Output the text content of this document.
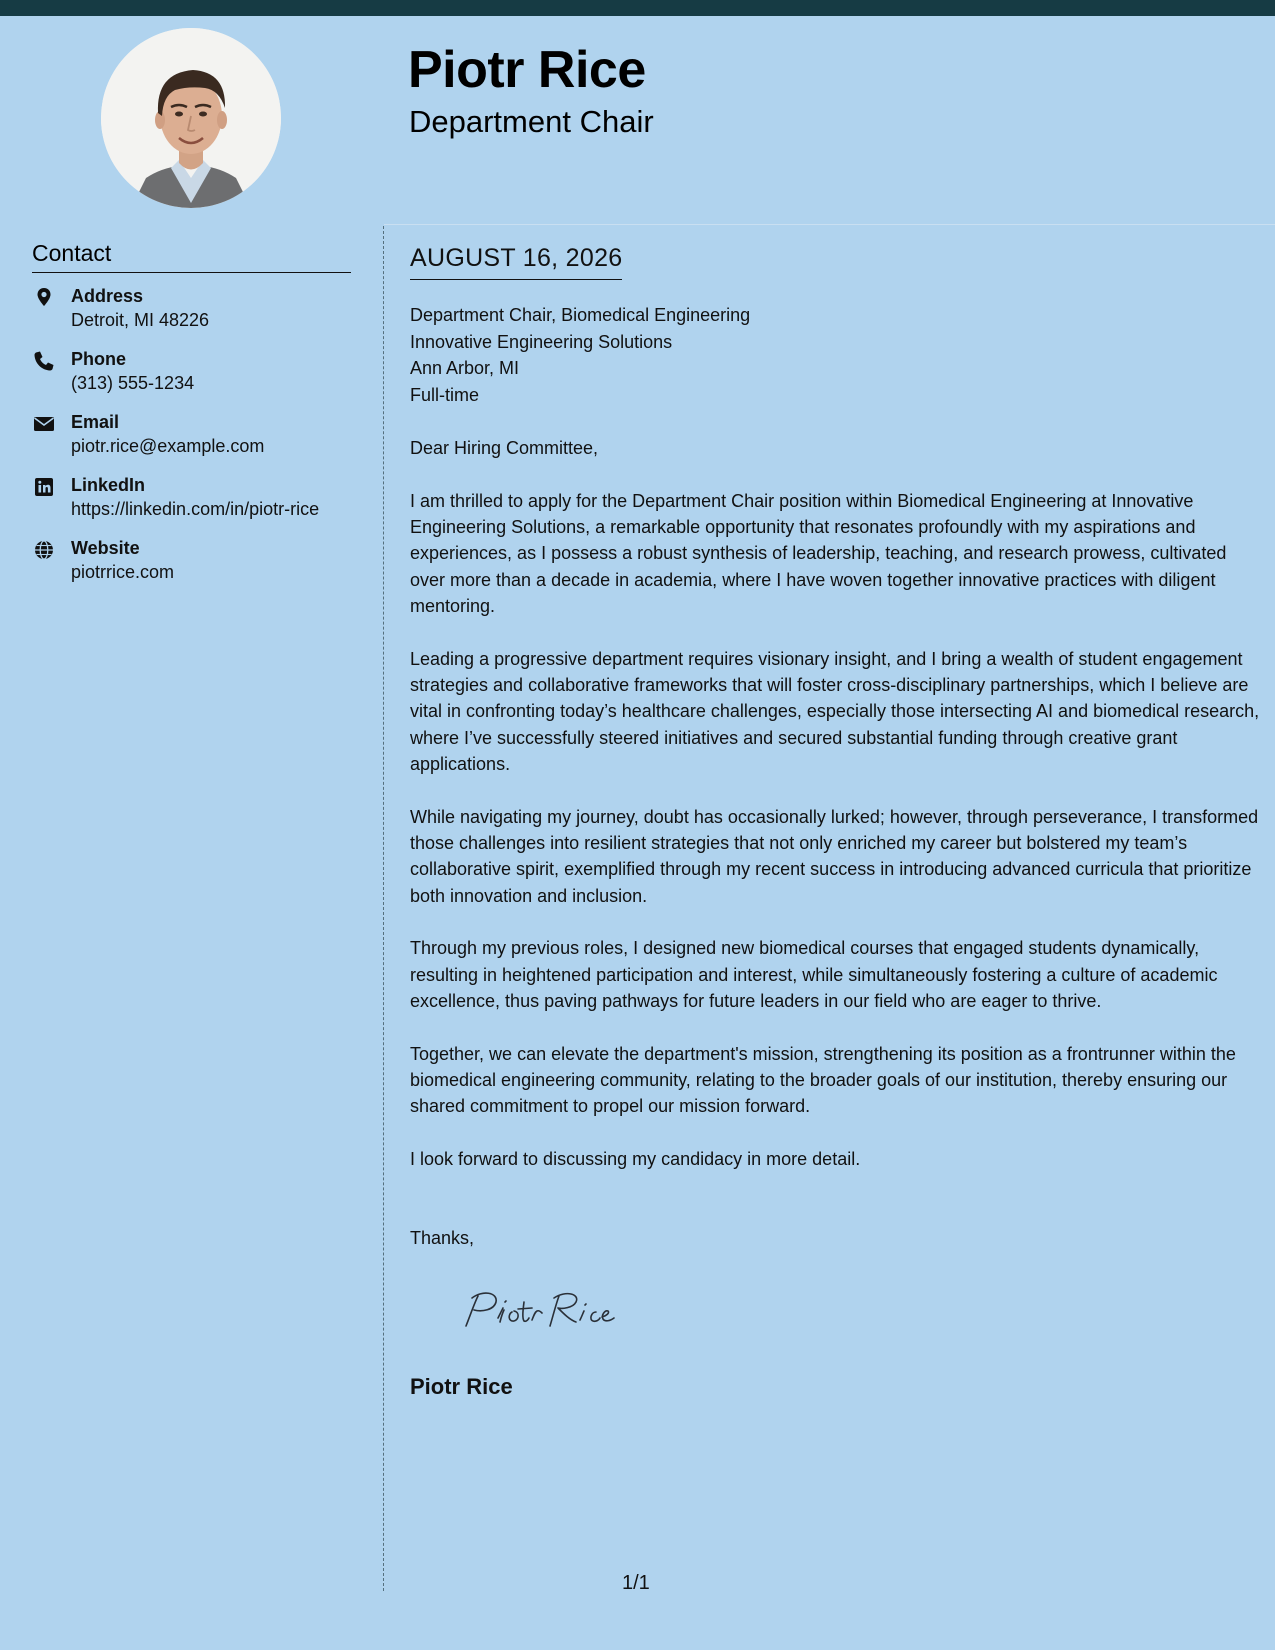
Piotr Rice
Department Chair
Contact
Address
Detroit, MI 48226
Phone
(313) 555-1234
Email
piotr.rice@example.com
LinkedIn
https://linkedin.com/in/piotr-rice
Website
piotrrice.com
AUGUST 16, 2026
Department Chair, Biomedical Engineering
Innovative Engineering Solutions
Ann Arbor, MI
Full-time

Dear Hiring Committee,

I am thrilled to apply for the Department Chair position within Biomedical Engineering at Innovative Engineering Solutions, a remarkable opportunity that resonates profoundly with my aspirations and experiences, as I possess a robust synthesis of leadership, teaching, and research prowess, cultivated over more than a decade in academia, where I have woven together innovative practices with diligent mentoring.

Leading a progressive department requires visionary insight, and I bring a wealth of student engagement strategies and collaborative frameworks that will foster cross-disciplinary partnerships, which I believe are vital in confronting today’s healthcare challenges, especially those intersecting AI and biomedical research, where I’ve successfully steered initiatives and secured substantial funding through creative grant applications.

While navigating my journey, doubt has occasionally lurked; however, through perseverance, I transformed those challenges into resilient strategies that not only enriched my career but bolstered my team’s collaborative spirit, exemplified through my recent success in introducing advanced curricula that prioritize both innovation and inclusion.

Through my previous roles, I designed new biomedical courses that engaged students dynamically, resulting in heightened participation and interest, while simultaneously fostering a culture of academic excellence, thus paving pathways for future leaders in our field who are eager to thrive.

Together, we can elevate the department's mission, strengthening its position as a frontrunner within the biomedical engineering community, relating to the broader goals of our institution, thereby ensuring our shared commitment to propel our mission forward.

I look forward to discussing my candidacy in more detail.

Thanks,
Piotr Rice
1/1
